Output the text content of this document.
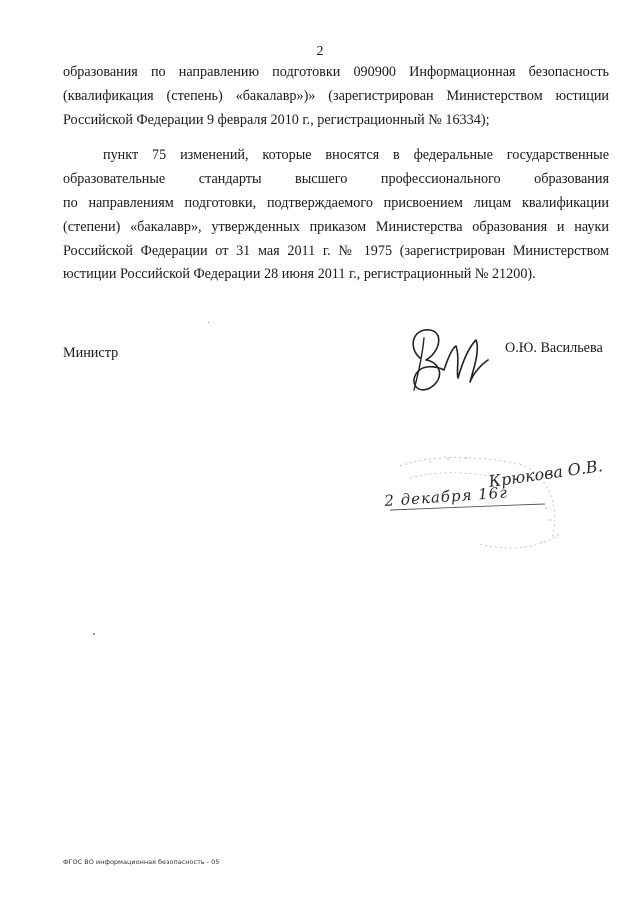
2
образования по направлению подготовки 090900 Информационная безопасность
(квалификация (степень) «бакалавр»)» (зарегистрирован Министерством юстиции
Российской Федерации 9 февраля 2010 г., регистрационный № 16334);
пункт 75 изменений, которые вносятся в федеральные государственные
образовательные стандарты высшего профессионального образования
по направлениям подготовки, подтверждаемого присвоением лицам квалификации
(степени) «бакалавр», утвержденных приказом Министерства образования и науки
Российской Федерации от 31 мая 2011 г. № 1975 (зарегистрирован Министерством
юстиции Российской Федерации 28 июня 2011 г., регистрационный № 21200).
Министр	О.Ю. Васильева
Крюкова О.В.
2 декабря 16г
ФГОС ВО информационная безопасность - 05
